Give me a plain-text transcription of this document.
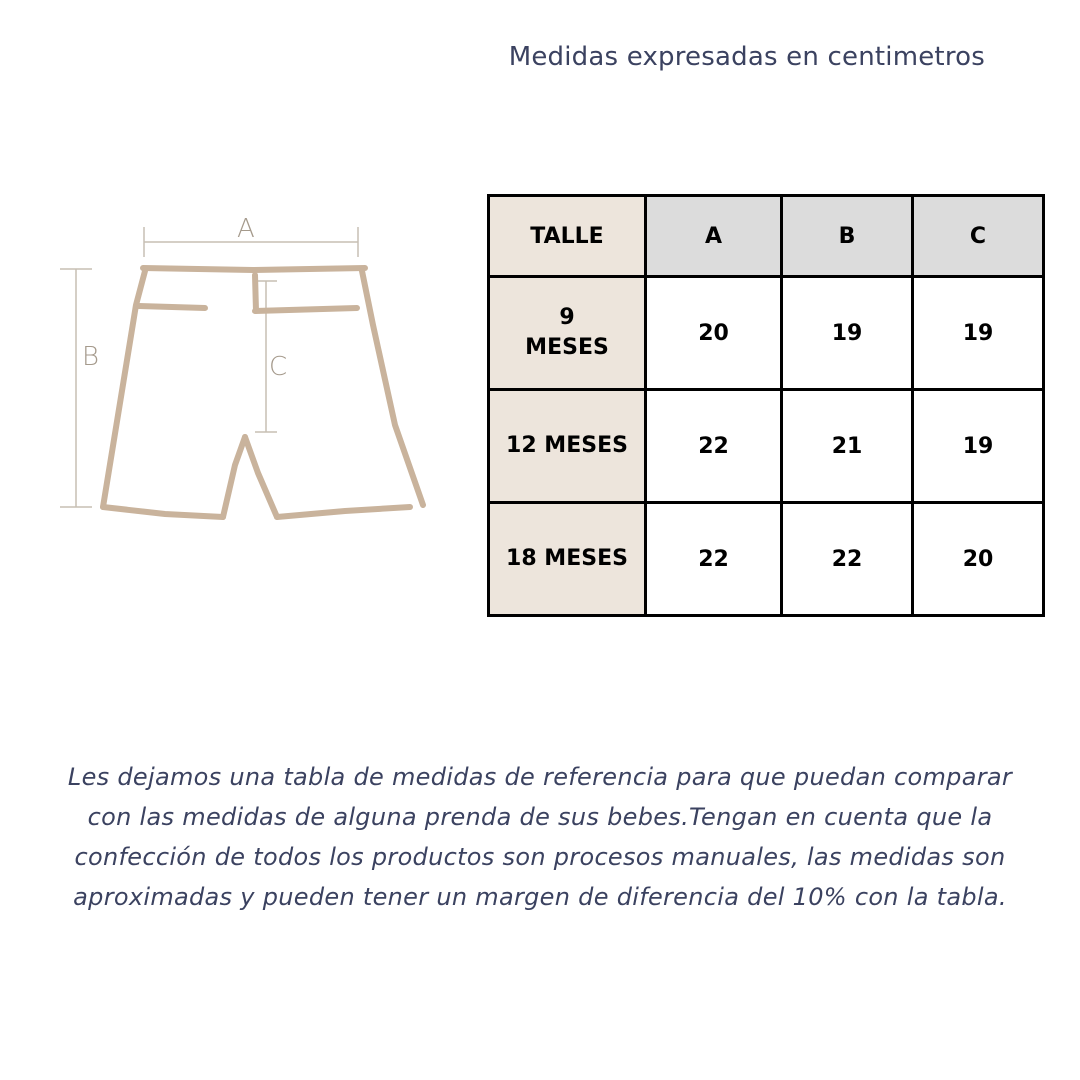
Medidas expresadas en centimetros
A
B	C
TALLE	A	B	C
9
MESES	20	19	19
12 MESES	22	21	19
18 MESES	22	22	20
Les dejamos una tabla de medidas de referencia para que puedan comparar con las medidas de alguna prenda de sus bebes.Tengan en cuenta que la confección de todos los productos son procesos manuales, las medidas son aproximadas y pueden tener un margen de diferencia del 10% con la tabla.
